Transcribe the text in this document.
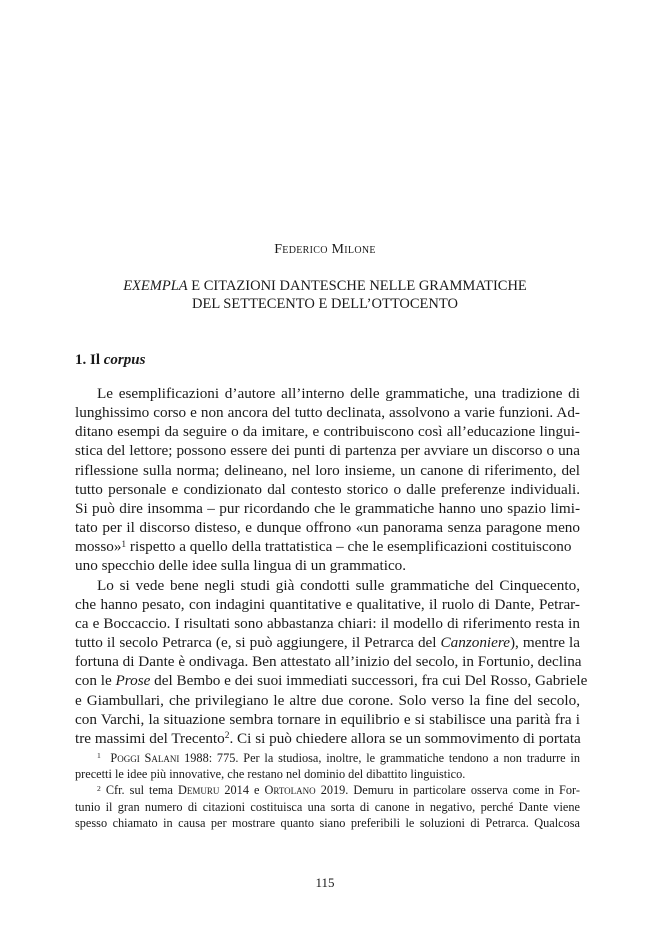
Federico Milone
EXEMPLA E CITAZIONI DANTESCHE NELLE GRAMMATICHE
DEL SETTECENTO E DELL’OTTOCENTO
1. Il corpus
Le esemplificazioni d’autore all’interno delle grammatiche, una tradizione di
lunghissimo corso e non ancora del tutto declinata, assolvono a varie funzioni. Ad-
ditano esempi da seguire o da imitare, e contribuiscono così all’educazione lingui-
stica del lettore; possono essere dei punti di partenza per avviare un discorso o una
riflessione sulla norma; delineano, nel loro insieme, un canone di riferimento, del
tutto personale e condizionato dal contesto storico o dalle preferenze individuali.
Si può dire insomma – pur ricordando che le grammatiche hanno uno spazio limi-
tato per il discorso disteso, e dunque offrono «un panorama senza paragone meno
mosso»$^1$ rispetto a quello della trattatistica – che le esemplificazioni costituiscono
uno specchio delle idee sulla lingua di un grammatico.
Lo si vede bene negli studi già condotti sulle grammatiche del Cinquecento,
che hanno pesato, con indagini quantitative e qualitative, il ruolo di Dante, Petrar-
ca e Boccaccio. I risultati sono abbastanza chiari: il modello di riferimento resta in
tutto il secolo Petrarca (e, si può aggiungere, il Petrarca del Canzoniere), mentre la
fortuna di Dante è ondivaga. Ben attestato all’inizio del secolo, in Fortunio, declina
con le Prose del Bembo e dei suoi immediati successori, fra cui Del Rosso, Gabriele
e Giambullari, che privilegiano le altre due corone. Solo verso la fine del secolo,
con Varchi, la situazione sembra tornare in equilibrio e si stabilisce una parità fra i
tre massimi del Trecento$^2$. Ci si può chiedere allora se un sommovimento di portata
$^1$ Poggi Salani 1988: 775. Per la studiosa, inoltre, le grammatiche tendono a non tradurre in
precetti le idee più innovative, che restano nel dominio del dibattito linguistico.
$^2$ Cfr. sul tema Demuru 2014 e Ortolano 2019. Demuru in particolare osserva come in For-
tunio il gran numero di citazioni costituisca una sorta di canone in negativo, perché Dante viene
spesso chiamato in causa per mostrare quanto siano preferibili le soluzioni di Petrarca. Qualcosa
115
